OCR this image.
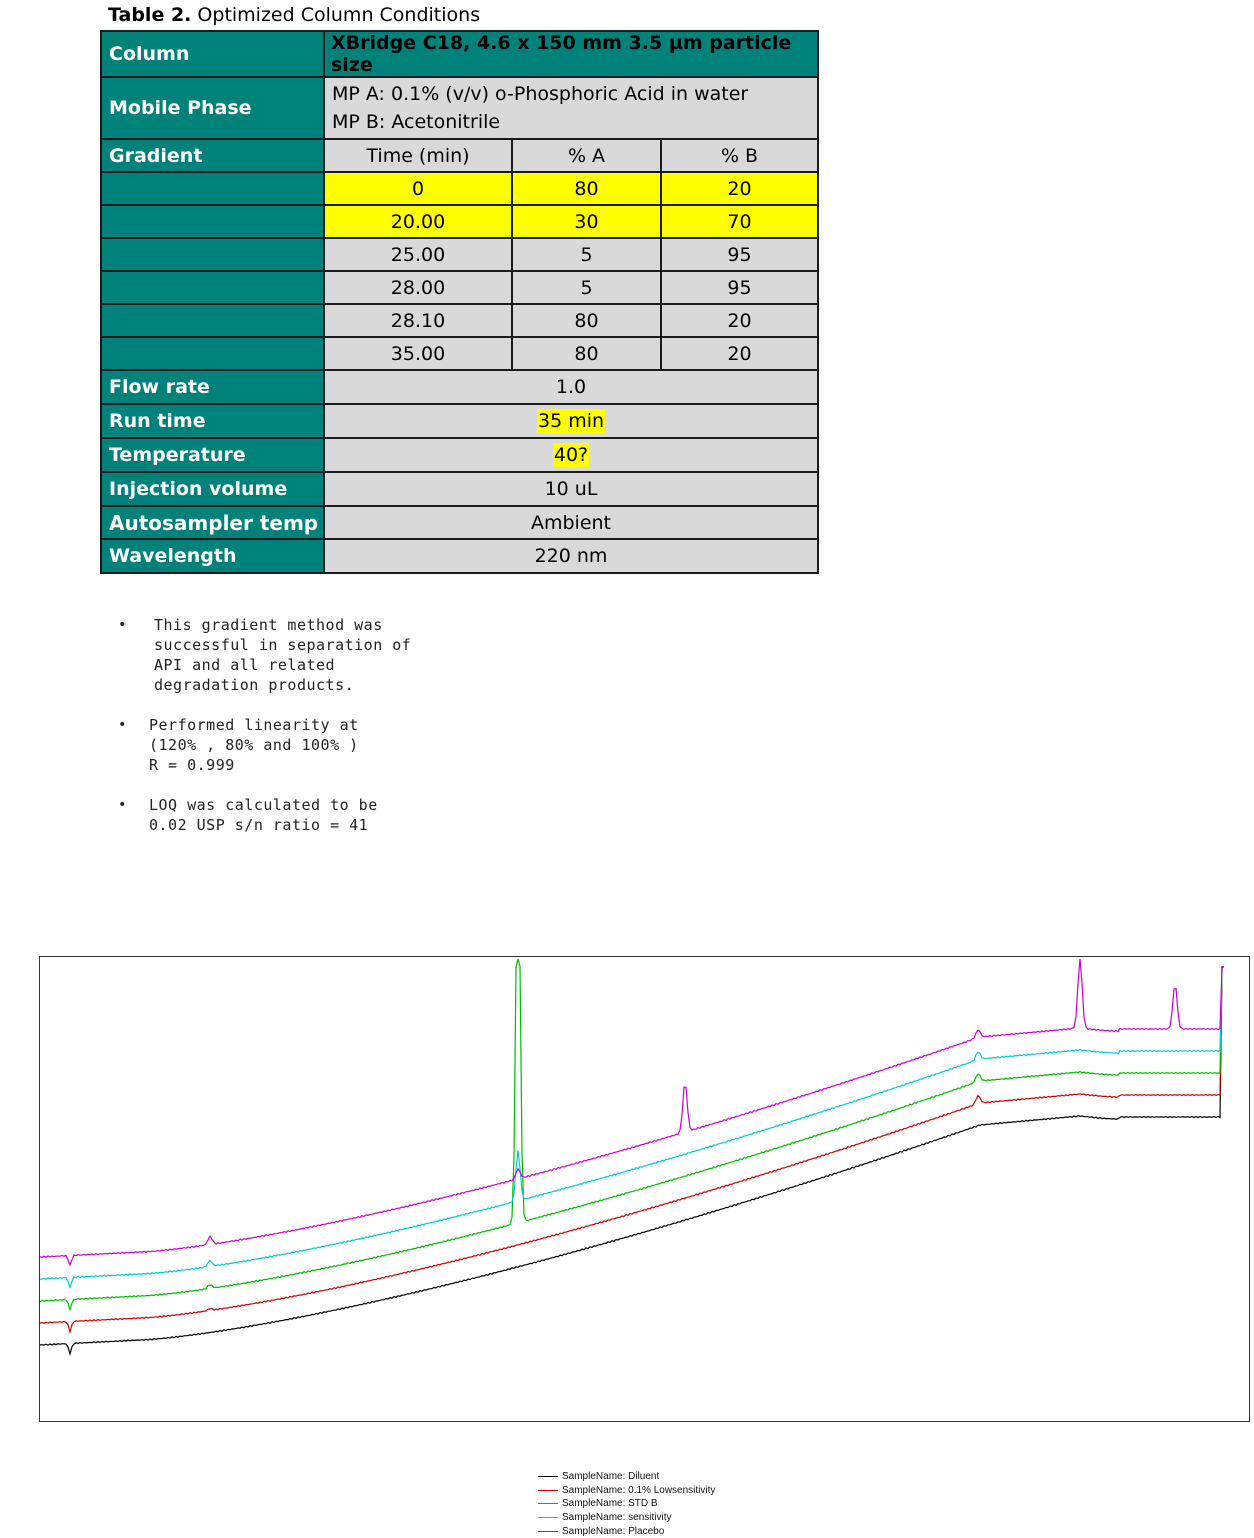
Table 2. Optimized Column Conditions
Column	XBridge C18, 4.6 x 150 mm 3.5 µm particle size		
Mobile Phase	MP A: 0.1% (v/v) o-Phosphoric Acid in water
MP B: Acetonitrile		

Gradient	Time (min)	% A	% B
	0	80	20
	20.00	30	70
	25.00	5	95
	28.00	5	95
	28.10	80	20
	35.00	80	20
Flow rate	1.0		
Run time	35 min		
Temperature	40?		
Injection volume	10 uL		
Autosampler temp	Ambient		
Wavelength	220 nm		
• This gradient method was
successful in separation of
API and all related
degradation products.
• Performed linearity at
(120% , 80% and 100% )
R = 0.999
• LOQ was calculated to be
0.02 USP s/n ratio = 41
SampleName: Diluent
SampleName: 0.1% Lowsensitivity
SampleName: STD B
SampleName: sensitivity
SampleName: Placebo
